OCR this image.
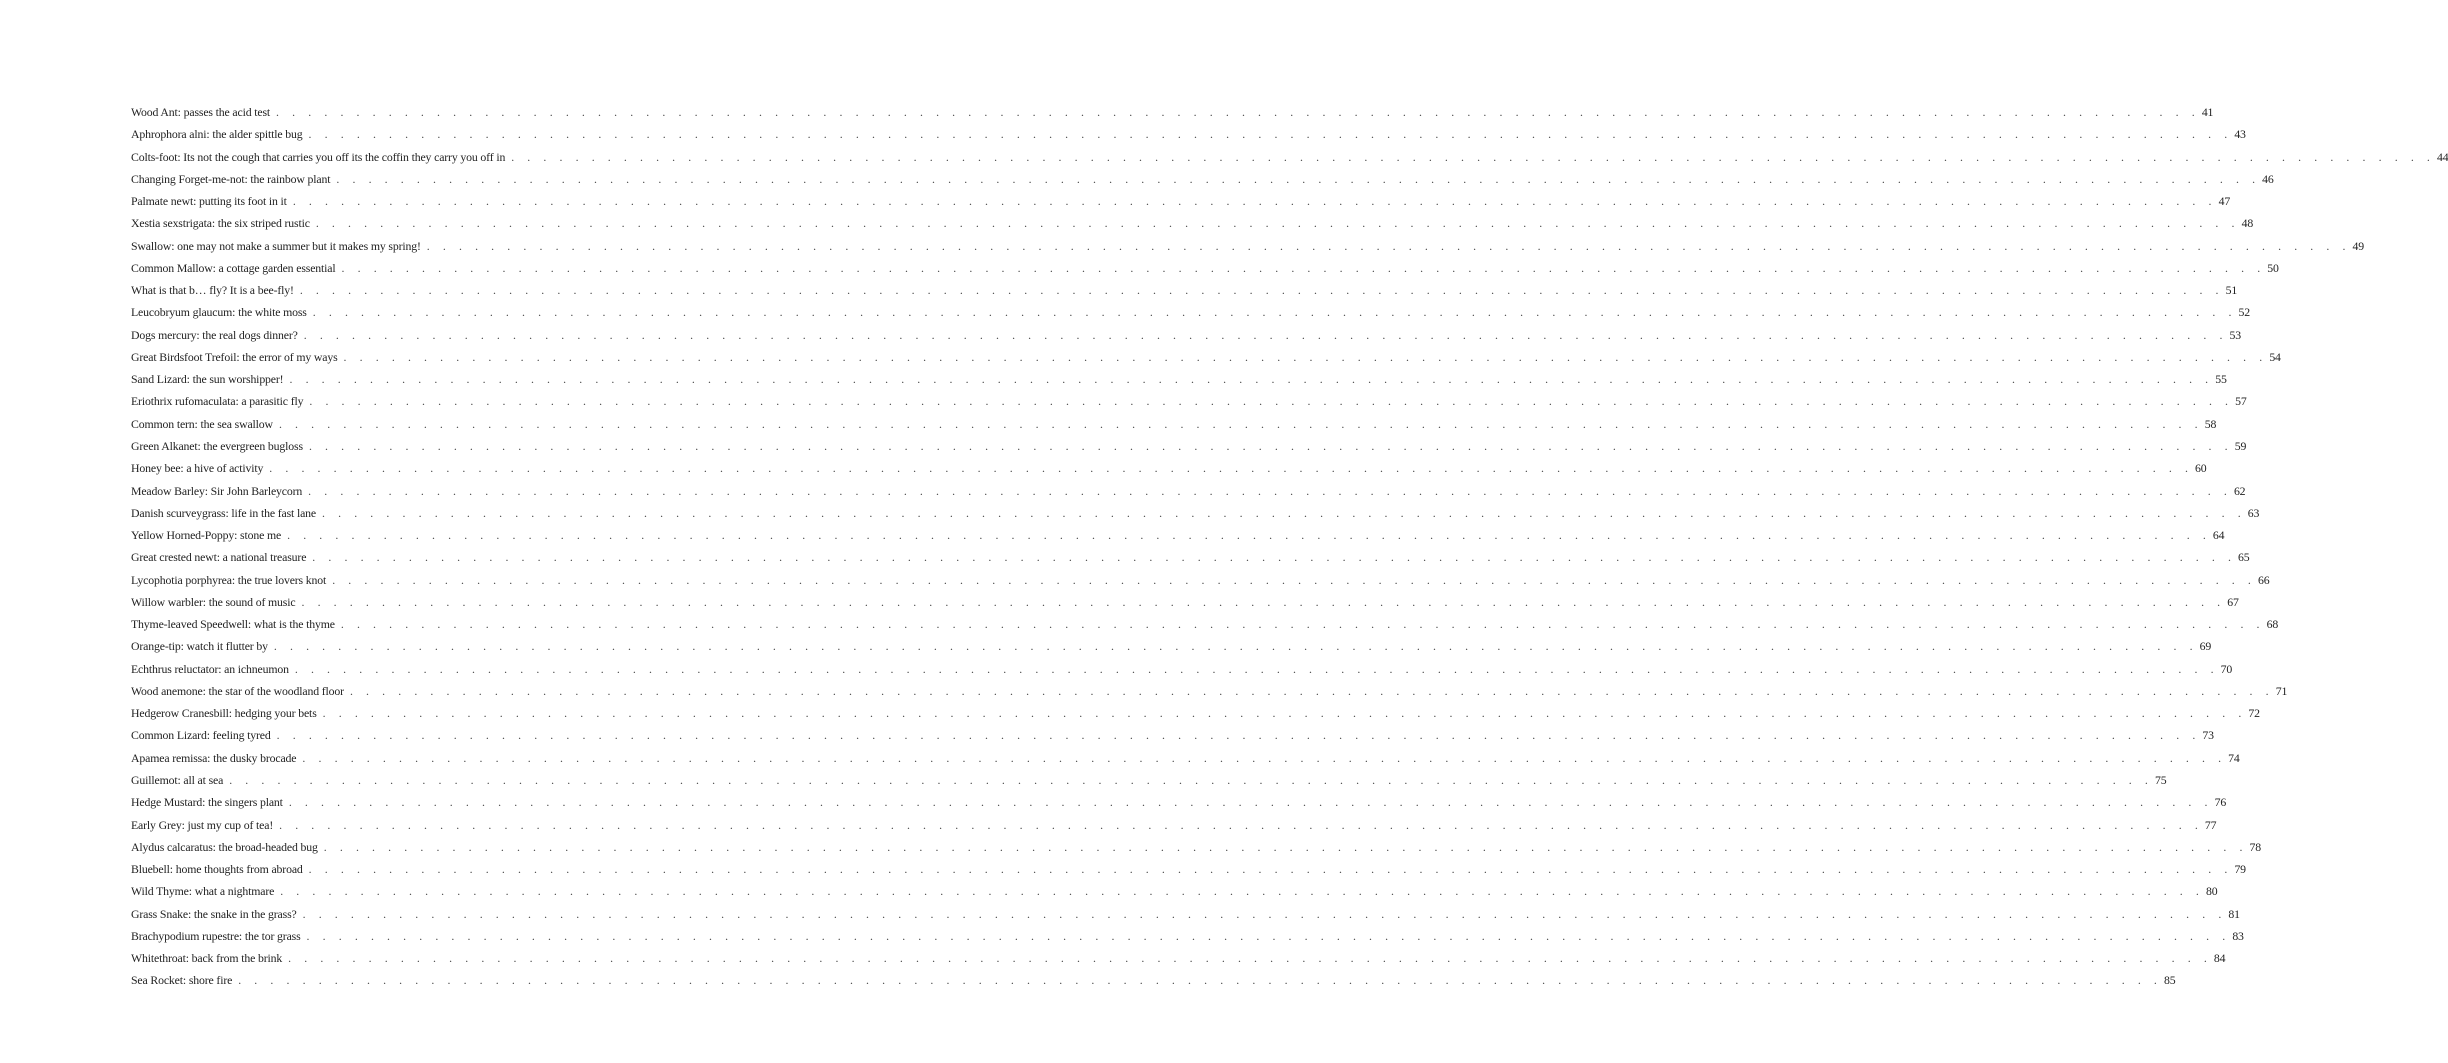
Wood Ant: passes the acid test . . . . . . . . . . . . . . . . . . . . . . . . . . . . . . . . . . . . . . . . . . . . . . . . . . . . . . . . . . . . . . . . . . . . . . . . . . . . . . . . . . . . . . . . . . . . . . . . . . . . . . . . . . . . . . . . . . . . . . . . 41
Aphrophora alni: the alder spittle bug . . . . . . . . . . . . . . . . . . . . . . . . . . . . . . . . . . . . . . . . . . . . . . . . . . . . . . . . . . . . . . . . . . . . . . . . . . . . . . . . . . . . . . . . . . . . . . . . . . . . . . . . . . . . . . . . . . . . . . . . 43
Colts-foot: Its not the cough that carries you off its the coffin they carry you off in . . . . . . . . . . . . . . . . . . . . . . . . . . . . . . . . . . . . . . . . . . . . . . . . . . . . . . . . . . . . . . . . . . . . . . . . . . . . . . . . . . . . . . . . . . . . . . . . . . . . . . . . . . . . . . . . . . . . . . . . 44
Changing Forget-me-not: the rainbow plant . . . . . . . . . . . . . . . . . . . . . . . . . . . . . . . . . . . . . . . . . . . . . . . . . . . . . . . . . . . . . . . . . . . . . . . . . . . . . . . . . . . . . . . . . . . . . . . . . . . . . . . . . . . . . . . . . . . . . . . . 46
Palmate newt: putting its foot in it . . . . . . . . . . . . . . . . . . . . . . . . . . . . . . . . . . . . . . . . . . . . . . . . . . . . . . . . . . . . . . . . . . . . . . . . . . . . . . . . . . . . . . . . . . . . . . . . . . . . . . . . . . . . . . . . . . . . . . . . 47
Xestia sexstrigata: the six striped rustic . . . . . . . . . . . . . . . . . . . . . . . . . . . . . . . . . . . . . . . . . . . . . . . . . . . . . . . . . . . . . . . . . . . . . . . . . . . . . . . . . . . . . . . . . . . . . . . . . . . . . . . . . . . . . . . . . . . . . . . . 48
Swallow: one may not make a summer but it makes my spring! . . . . . . . . . . . . . . . . . . . . . . . . . . . . . . . . . . . . . . . . . . . . . . . . . . . . . . . . . . . . . . . . . . . . . . . . . . . . . . . . . . . . . . . . . . . . . . . . . . . . . . . . . . . . . . . . . . . . . . . . 49
Common Mallow: a cottage garden essential . . . . . . . . . . . . . . . . . . . . . . . . . . . . . . . . . . . . . . . . . . . . . . . . . . . . . . . . . . . . . . . . . . . . . . . . . . . . . . . . . . . . . . . . . . . . . . . . . . . . . . . . . . . . . . . . . . . . . . . . 50
What is that b… fly? It is a bee-fly! . . . . . . . . . . . . . . . . . . . . . . . . . . . . . . . . . . . . . . . . . . . . . . . . . . . . . . . . . . . . . . . . . . . . . . . . . . . . . . . . . . . . . . . . . . . . . . . . . . . . . . . . . . . . . . . . . . . . . . . . 51
Leucobryum glaucum: the white moss . . . . . . . . . . . . . . . . . . . . . . . . . . . . . . . . . . . . . . . . . . . . . . . . . . . . . . . . . . . . . . . . . . . . . . . . . . . . . . . . . . . . . . . . . . . . . . . . . . . . . . . . . . . . . . . . . . . . . . . . 52
Dogs mercury: the real dogs dinner? . . . . . . . . . . . . . . . . . . . . . . . . . . . . . . . . . . . . . . . . . . . . . . . . . . . . . . . . . . . . . . . . . . . . . . . . . . . . . . . . . . . . . . . . . . . . . . . . . . . . . . . . . . . . . . . . . . . . . . . . 53
Great Birdsfoot Trefoil: the error of my ways . . . . . . . . . . . . . . . . . . . . . . . . . . . . . . . . . . . . . . . . . . . . . . . . . . . . . . . . . . . . . . . . . . . . . . . . . . . . . . . . . . . . . . . . . . . . . . . . . . . . . . . . . . . . . . . . . . . . . . . . 54
Sand Lizard: the sun worshipper! . . . . . . . . . . . . . . . . . . . . . . . . . . . . . . . . . . . . . . . . . . . . . . . . . . . . . . . . . . . . . . . . . . . . . . . . . . . . . . . . . . . . . . . . . . . . . . . . . . . . . . . . . . . . . . . . . . . . . . . . 55
Eriothrix rufomaculata: a parasitic fly . . . . . . . . . . . . . . . . . . . . . . . . . . . . . . . . . . . . . . . . . . . . . . . . . . . . . . . . . . . . . . . . . . . . . . . . . . . . . . . . . . . . . . . . . . . . . . . . . . . . . . . . . . . . . . . . . . . . . . . . 57
Common tern: the sea swallow . . . . . . . . . . . . . . . . . . . . . . . . . . . . . . . . . . . . . . . . . . . . . . . . . . . . . . . . . . . . . . . . . . . . . . . . . . . . . . . . . . . . . . . . . . . . . . . . . . . . . . . . . . . . . . . . . . . . . . . . 58
Green Alkanet: the evergreen bugloss . . . . . . . . . . . . . . . . . . . . . . . . . . . . . . . . . . . . . . . . . . . . . . . . . . . . . . . . . . . . . . . . . . . . . . . . . . . . . . . . . . . . . . . . . . . . . . . . . . . . . . . . . . . . . . . . . . . . . . . . 59
Honey bee: a hive of activity . . . . . . . . . . . . . . . . . . . . . . . . . . . . . . . . . . . . . . . . . . . . . . . . . . . . . . . . . . . . . . . . . . . . . . . . . . . . . . . . . . . . . . . . . . . . . . . . . . . . . . . . . . . . . . . . . . . . . . . . 60
Meadow Barley: Sir John Barleycorn . . . . . . . . . . . . . . . . . . . . . . . . . . . . . . . . . . . . . . . . . . . . . . . . . . . . . . . . . . . . . . . . . . . . . . . . . . . . . . . . . . . . . . . . . . . . . . . . . . . . . . . . . . . . . . . . . . . . . . . . 62
Danish scurveygrass: life in the fast lane . . . . . . . . . . . . . . . . . . . . . . . . . . . . . . . . . . . . . . . . . . . . . . . . . . . . . . . . . . . . . . . . . . . . . . . . . . . . . . . . . . . . . . . . . . . . . . . . . . . . . . . . . . . . . . . . . . . . . . . . 63
Yellow Horned-Poppy: stone me . . . . . . . . . . . . . . . . . . . . . . . . . . . . . . . . . . . . . . . . . . . . . . . . . . . . . . . . . . . . . . . . . . . . . . . . . . . . . . . . . . . . . . . . . . . . . . . . . . . . . . . . . . . . . . . . . . . . . . . . 64
Great crested newt: a national treasure . . . . . . . . . . . . . . . . . . . . . . . . . . . . . . . . . . . . . . . . . . . . . . . . . . . . . . . . . . . . . . . . . . . . . . . . . . . . . . . . . . . . . . . . . . . . . . . . . . . . . . . . . . . . . . . . . . . . . . . . 65
Lycophotia porphyrea: the true lovers knot . . . . . . . . . . . . . . . . . . . . . . . . . . . . . . . . . . . . . . . . . . . . . . . . . . . . . . . . . . . . . . . . . . . . . . . . . . . . . . . . . . . . . . . . . . . . . . . . . . . . . . . . . . . . . . . . . . . . . . . . 66
Willow warbler: the sound of music . . . . . . . . . . . . . . . . . . . . . . . . . . . . . . . . . . . . . . . . . . . . . . . . . . . . . . . . . . . . . . . . . . . . . . . . . . . . . . . . . . . . . . . . . . . . . . . . . . . . . . . . . . . . . . . . . . . . . . . . 67
Thyme-leaved Speedwell: what is the thyme . . . . . . . . . . . . . . . . . . . . . . . . . . . . . . . . . . . . . . . . . . . . . . . . . . . . . . . . . . . . . . . . . . . . . . . . . . . . . . . . . . . . . . . . . . . . . . . . . . . . . . . . . . . . . . . . . . . . . . . . 68
Orange-tip: watch it flutter by . . . . . . . . . . . . . . . . . . . . . . . . . . . . . . . . . . . . . . . . . . . . . . . . . . . . . . . . . . . . . . . . . . . . . . . . . . . . . . . . . . . . . . . . . . . . . . . . . . . . . . . . . . . . . . . . . . . . . . . . 69
Echthrus reluctator: an ichneumon . . . . . . . . . . . . . . . . . . . . . . . . . . . . . . . . . . . . . . . . . . . . . . . . . . . . . . . . . . . . . . . . . . . . . . . . . . . . . . . . . . . . . . . . . . . . . . . . . . . . . . . . . . . . . . . . . . . . . . . . 70
Wood anemone: the star of the woodland floor . . . . . . . . . . . . . . . . . . . . . . . . . . . . . . . . . . . . . . . . . . . . . . . . . . . . . . . . . . . . . . . . . . . . . . . . . . . . . . . . . . . . . . . . . . . . . . . . . . . . . . . . . . . . . . . . . . . . . . . . 71
Hedgerow Cranesbill: hedging your bets . . . . . . . . . . . . . . . . . . . . . . . . . . . . . . . . . . . . . . . . . . . . . . . . . . . . . . . . . . . . . . . . . . . . . . . . . . . . . . . . . . . . . . . . . . . . . . . . . . . . . . . . . . . . . . . . . . . . . . . . 72
Common Lizard: feeling tyred . . . . . . . . . . . . . . . . . . . . . . . . . . . . . . . . . . . . . . . . . . . . . . . . . . . . . . . . . . . . . . . . . . . . . . . . . . . . . . . . . . . . . . . . . . . . . . . . . . . . . . . . . . . . . . . . . . . . . . . . 73
Apamea remissa: the dusky brocade . . . . . . . . . . . . . . . . . . . . . . . . . . . . . . . . . . . . . . . . . . . . . . . . . . . . . . . . . . . . . . . . . . . . . . . . . . . . . . . . . . . . . . . . . . . . . . . . . . . . . . . . . . . . . . . . . . . . . . . . 74
Guillemot: all at sea . . . . . . . . . . . . . . . . . . . . . . . . . . . . . . . . . . . . . . . . . . . . . . . . . . . . . . . . . . . . . . . . . . . . . . . . . . . . . . . . . . . . . . . . . . . . . . . . . . . . . . . . . . . . . . . . . . . . . . . . 75
Hedge Mustard: the singers plant . . . . . . . . . . . . . . . . . . . . . . . . . . . . . . . . . . . . . . . . . . . . . . . . . . . . . . . . . . . . . . . . . . . . . . . . . . . . . . . . . . . . . . . . . . . . . . . . . . . . . . . . . . . . . . . . . . . . . . . . 76
Early Grey: just my cup of tea! . . . . . . . . . . . . . . . . . . . . . . . . . . . . . . . . . . . . . . . . . . . . . . . . . . . . . . . . . . . . . . . . . . . . . . . . . . . . . . . . . . . . . . . . . . . . . . . . . . . . . . . . . . . . . . . . . . . . . . . . 77
Alydus calcaratus: the broad-headed bug . . . . . . . . . . . . . . . . . . . . . . . . . . . . . . . . . . . . . . . . . . . . . . . . . . . . . . . . . . . . . . . . . . . . . . . . . . . . . . . . . . . . . . . . . . . . . . . . . . . . . . . . . . . . . . . . . . . . . . . . 78
Bluebell: home thoughts from abroad . . . . . . . . . . . . . . . . . . . . . . . . . . . . . . . . . . . . . . . . . . . . . . . . . . . . . . . . . . . . . . . . . . . . . . . . . . . . . . . . . . . . . . . . . . . . . . . . . . . . . . . . . . . . . . . . . . . . . . . . 79
Wild Thyme: what a nightmare . . . . . . . . . . . . . . . . . . . . . . . . . . . . . . . . . . . . . . . . . . . . . . . . . . . . . . . . . . . . . . . . . . . . . . . . . . . . . . . . . . . . . . . . . . . . . . . . . . . . . . . . . . . . . . . . . . . . . . . . 80
Grass Snake: the snake in the grass? . . . . . . . . . . . . . . . . . . . . . . . . . . . . . . . . . . . . . . . . . . . . . . . . . . . . . . . . . . . . . . . . . . . . . . . . . . . . . . . . . . . . . . . . . . . . . . . . . . . . . . . . . . . . . . . . . . . . . . . . 81
Brachypodium rupestre: the tor grass . . . . . . . . . . . . . . . . . . . . . . . . . . . . . . . . . . . . . . . . . . . . . . . . . . . . . . . . . . . . . . . . . . . . . . . . . . . . . . . . . . . . . . . . . . . . . . . . . . . . . . . . . . . . . . . . . . . . . . . . 83
Whitethroat: back from the brink . . . . . . . . . . . . . . . . . . . . . . . . . . . . . . . . . . . . . . . . . . . . . . . . . . . . . . . . . . . . . . . . . . . . . . . . . . . . . . . . . . . . . . . . . . . . . . . . . . . . . . . . . . . . . . . . . . . . . . . . 84
Sea Rocket: shore fire . . . . . . . . . . . . . . . . . . . . . . . . . . . . . . . . . . . . . . . . . . . . . . . . . . . . . . . . . . . . . . . . . . . . . . . . . . . . . . . . . . . . . . . . . . . . . . . . . . . . . . . . . . . . . . . . . . . . . . . . 85
